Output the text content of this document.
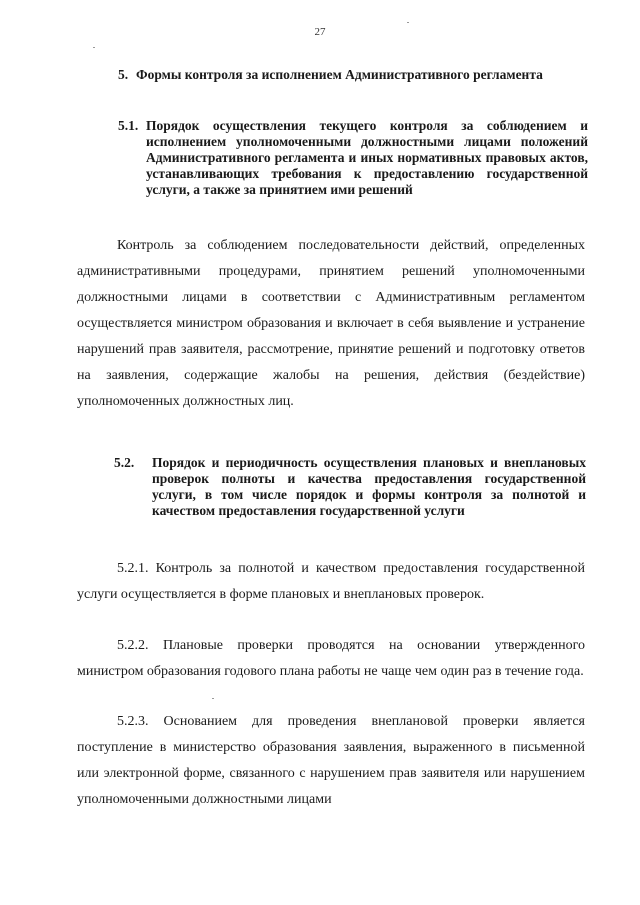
27
5. Формы контроля за исполнением Административного регламента
5.1. Порядок осуществления текущего контроля за соблюдением и исполнением уполномоченными должностными лицами положений Административного регламента и иных нормативных правовых актов, устанавливающих требования к предоставлению государственной услуги, а также за принятием ими решений
Контроль за соблюдением последовательности действий, определенных административными процедурами, принятием решений уполномоченными должностными лицами в соответствии с Административным регламентом осуществляется министром образования и включает в себя выявление и устранение нарушений прав заявителя, рассмотрение, принятие решений и подготовку ответов на заявления, содержащие жалобы на решения, действия (бездействие) уполномоченных должностных лиц.
5.2. Порядок и периодичность осуществления плановых и внеплановых проверок полноты и качества предоставления государственной услуги, в том числе порядок и формы контроля за полнотой и качеством предоставления государственной услуги
5.2.1. Контроль за полнотой и качеством предоставления государственной услуги осуществляется в форме плановых и внеплановых проверок.
5.2.2. Плановые проверки проводятся на основании утвержденного министром образования годового плана работы не чаще чем один раз в течение года.
5.2.3. Основанием для проведения внеплановой проверки является поступление в министерство образования заявления, выраженного в письменной или электронной форме, связанного с нарушением прав заявителя или нарушением уполномоченными должностными лицами
